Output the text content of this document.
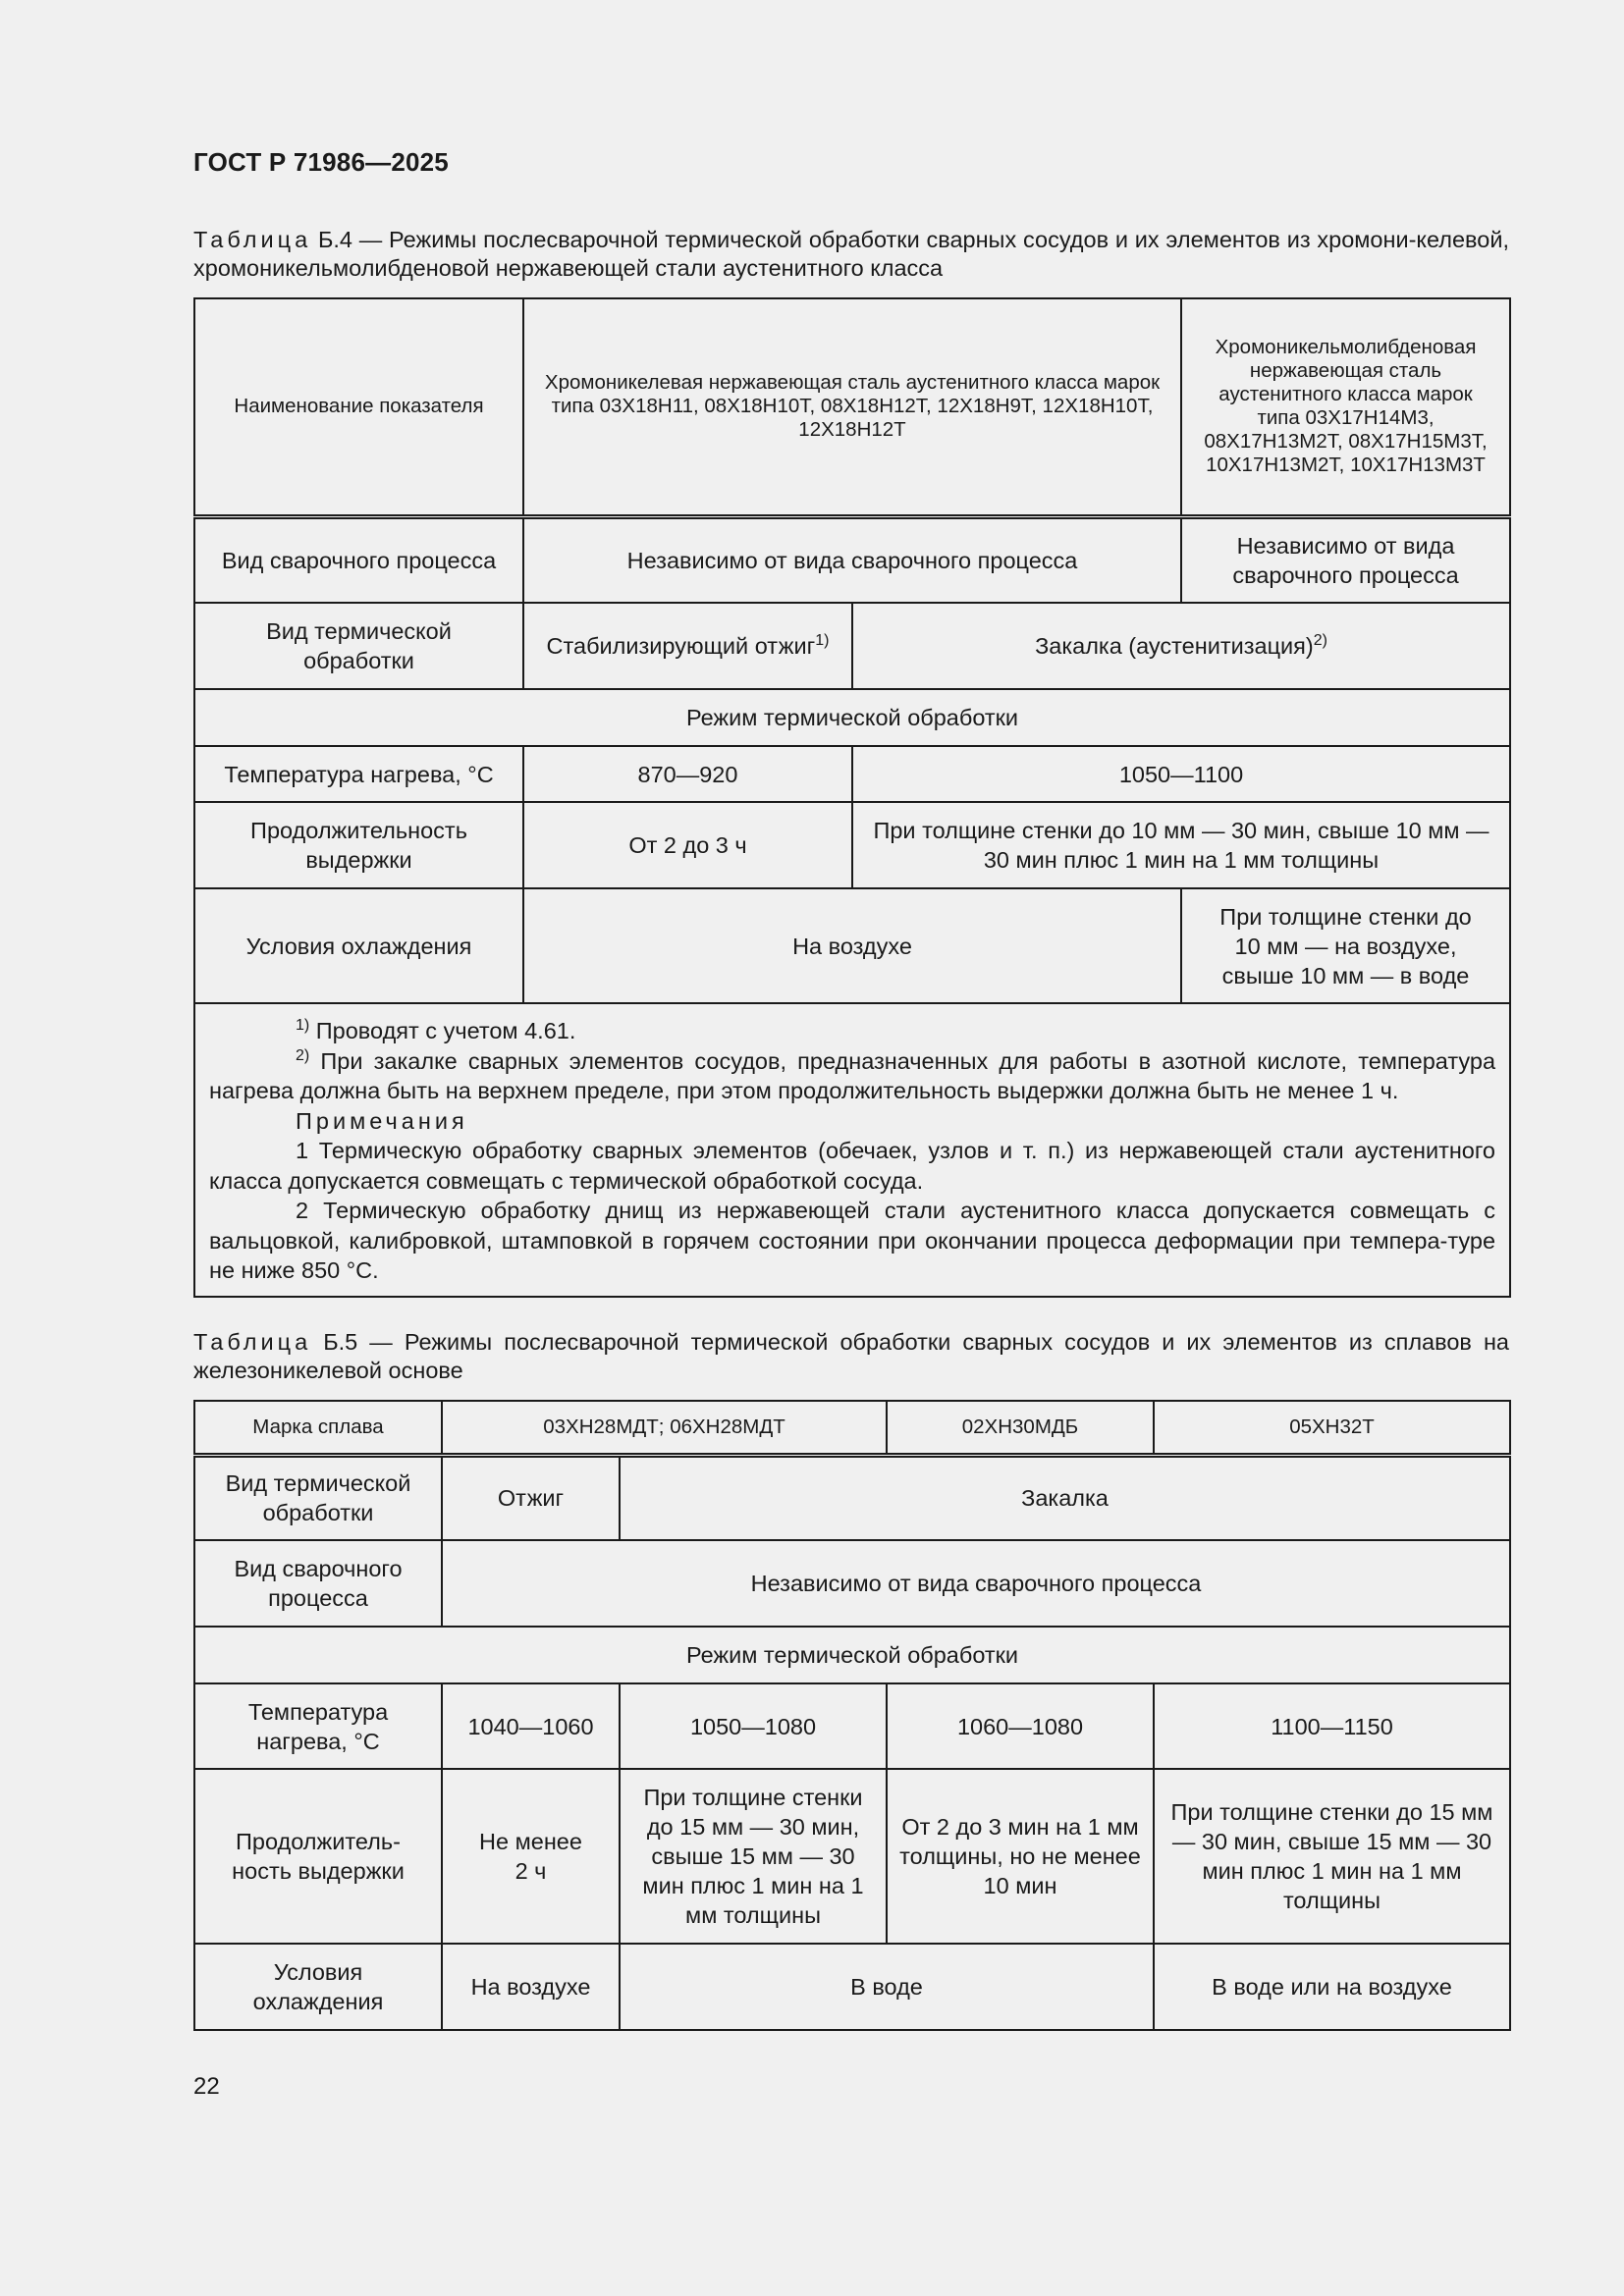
ГОСТ Р 71986—2025
Таблица Б.4 — Режимы послесварочной термической обработки сварных сосудов и их элементов из хромони-келевой, хромоникельмолибденовой нержавеющей стали аустенитного класса
Наименование показателя	Хромоникелевая нержавеющая сталь аустенитного класса марок типа 03Х18Н11, 08Х18Н10Т, 08Х18Н12Т, 12Х18Н9Т, 12Х18Н10Т, 12Х18Н12Т		Хромоникельмолибденовая нержавеющая сталь аустенитного класса марок типа 03Х17Н14М3, 08Х17Н13М2Т, 08Х17Н15М3Т, 10Х17Н13М2Т, 10Х17Н13М3Т
Вид сварочного процесса	Независимо от вида сварочного процесса		Независимо от вида сварочного процесса
Вид термической обработки	Стабилизирующий отжиг$^{1)}$	Закалка (аустенитизация)$^{2)}$
Режим термической обработки			
Температура нагрева, °С	870—920	1050—1100	
Продолжительность выдержки	От 2 до 3 ч	При толщине стенки до 10 мм — 30 мин, свыше 10 мм — 30 мин плюс 1 мин на 1 мм толщины	
Условия охлаждения	На воздухе		При толщине стенки до 10 мм — на воздухе, свыше 10 мм — в воде

$^{1)}$ Проводят с учетом 4.61.
$^{2)}$ При закалке сварных элементов сосудов, предназначенных для работы в азотной кислоте, температура нагрева должна быть на верхнем пределе, при этом продолжительность выдержки должна быть не менее 1 ч.
Примечания
1 Термическую обработку сварных элементов (обечаек, узлов и т. п.) из нержавеющей стали аустенитного класса допускается совмещать с термической обработкой сосуда.
2 Термическую обработку днищ из нержавеющей стали аустенитного класса допускается совмещать с вальцовкой, калибровкой, штамповкой в горячем состоянии при окончании процесса деформации при темпера-туре не ниже 850 °С.			
Таблица Б.5 — Режимы послесварочной термической обработки сварных сосудов и их элементов из сплавов на железоникелевой основе
Марка сплава	03ХН28МДТ; 06ХН28МДТ		02ХН30МДБ	05ХН32Т
Вид термической обработки	Отжиг	Закалка		
Вид сварочного процесса	Независимо от вида сварочного процесса			
Режим термической обработки				
Температура нагрева, °С	1040—1060	1050—1080	1060—1080	1100—1150
Продолжитель-ность выдержки	Не менее 2 ч	При толщине стенки до 15 мм — 30 мин, свыше 15 мм — 30 мин плюс 1 мин на 1 мм толщины	От 2 до 3 мин на 1 мм толщины, но не менее 10 мин	При толщине стенки до 15 мм — 30 мин, свыше 15 мм — 30 мин плюс 1 мин на 1 мм толщины
Условия охлаждения	На воздухе	В воде		В воде или на воздухе
22
